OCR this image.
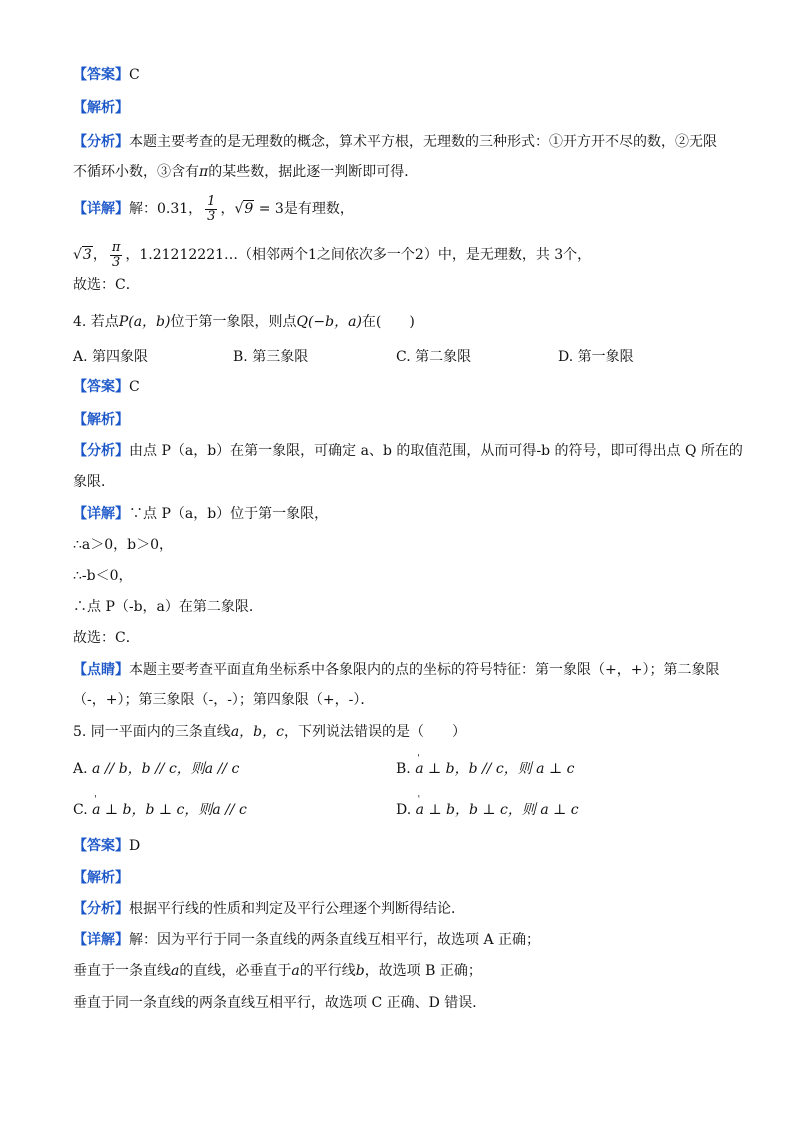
【答案】C
【解析】
【分析】本题主要考查的是无理数的概念，算术平方根，无理数的三种形式：①开方开不尽的数，②无限
不循环小数，③含有π的某些数，据此逐一判断即可得．
【详解】解：0.31， $\frac{1}{3}$ ，√9 = 3是有理数，
√3， $\frac{\pi}{3}$ ，1.21212221…（相邻两个1之间依次多一个2）中，是无理数，共 3个，
故选：C．
4. 若点P(a，b)位于第一象限，则点Q(−b，a)在(　　)
A. 第四象限	B. 第三象限	C. 第二象限	D. 第一象限
【答案】C
【解析】
【分析】由点 P（a，b）在第一象限，可确定 a、b 的取值范围，从而可得-b 的符号，即可得出点 Q 所在的
象限．
【详解】∵点 P（a，b）位于第一象限，
∴a＞0，b＞0，
∴-b＜0，
∴点 P（-b，a）在第二象限．
故选：C．
【点睛】本题主要考查平面直角坐标系中各象限内的点的坐标的符号特征：第一象限（+，+）；第二象限
（-，+）；第三象限（-，-）；第四象限（+，-）．
5. 同一平面内的三条直线a，b，c，下列说法错误的是（　　）
A. a // b，b // c，则a // c	B. ' a ⊥ b，b // c，则 a ⊥ c
C. ' a ⊥ b，b ⊥ c，则a // c	D. ' a ⊥ b，b ⊥ c，则 a ⊥ c
【答案】D
【解析】
【分析】根据平行线的性质和判定及平行公理逐个判断得结论．
【详解】解：因为平行于同一条直线的两条直线互相平行，故选项 A 正确；
垂直于一条直线a的直线，必垂直于a的平行线b，故选项 B 正确；
垂直于同一条直线的两条直线互相平行，故选项 C 正确、D 错误．
